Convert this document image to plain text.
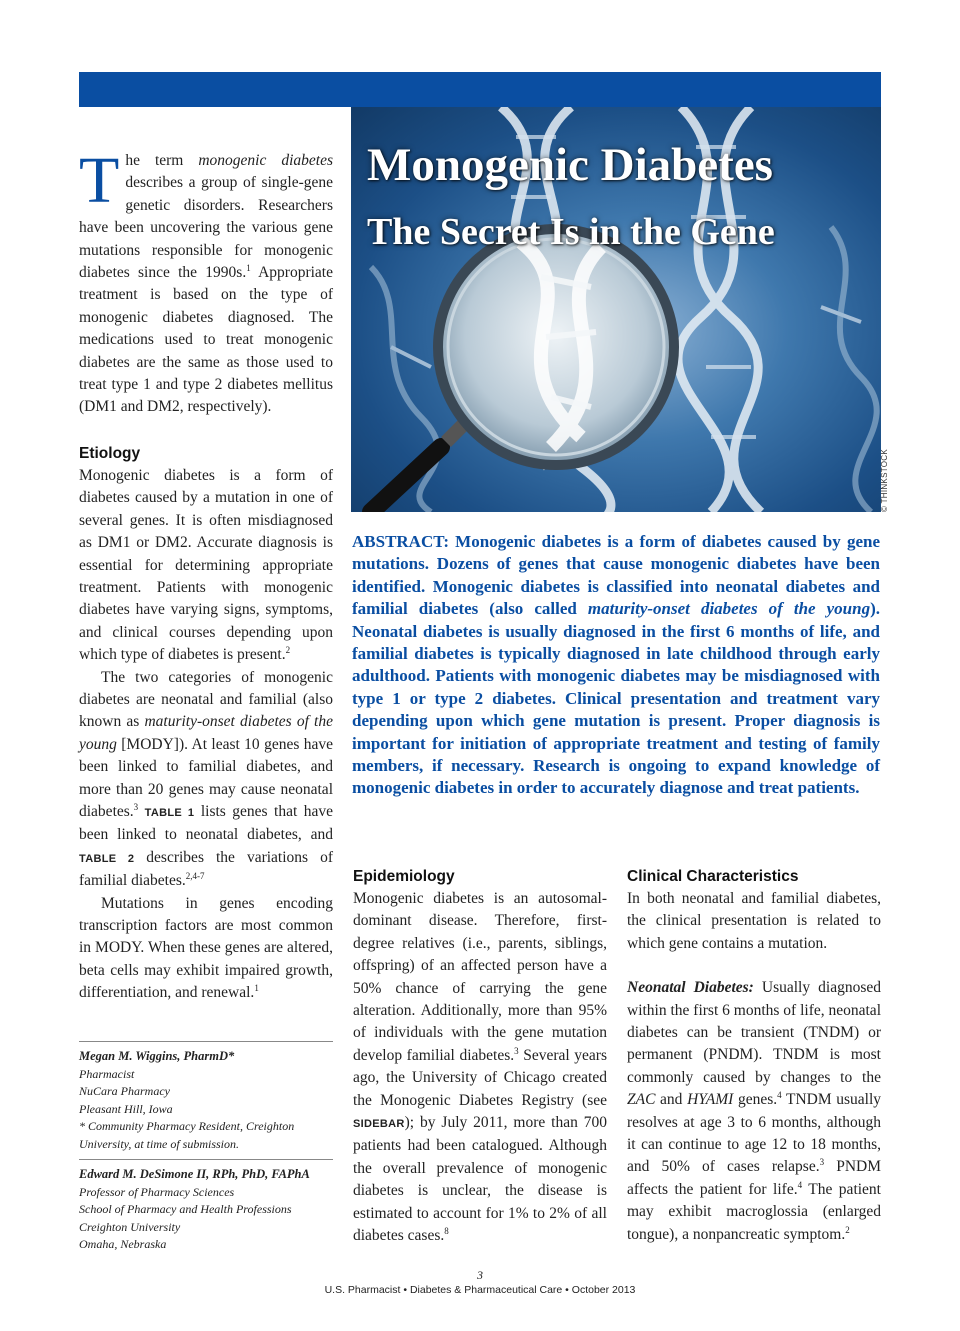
Monogenic Diabetes
The Secret Is in the Gene
© THINKSTOCK

The term monogenic diabetes describes a group of single-gene genetic disorders. Researchers have been uncovering the various gene mutations responsible for monogenic diabetes since the 1990s.$^1$ Appropriate treatment is based on the type of monogenic diabetes diagnosed. The medications used to treat monogenic diabetes are the same as those used to treat type 1 and type 2 diabetes mellitus (DM1 and DM2, respectively).

Etiology

Monogenic diabetes is a form of diabetes caused by a mutation in one of several genes. It is often misdiagnosed as DM1 or DM2. Accurate diagnosis is essential for determining appropriate treatment. Patients with monogenic diabetes have varying signs, symptoms, and clinical courses depending upon which type of diabetes is present.$^2$

The two categories of monogenic diabetes are neonatal and familial (also known as maturity-onset diabetes of the young [MODY]). At least 10 genes have been linked to familial diabetes, and more than 20 genes may cause neonatal diabetes.$^3$ TABLE 1 lists genes that have been linked to neonatal diabetes, and TABLE 2 describes the variations of familial diabetes.$^{2,4-7}$

Mutations in genes encoding transcription factors are most common in MODY. When these genes are altered, beta cells may exhibit impaired growth, differentiation, and renewal.$^1$

Megan M. Wiggins, PharmD*
Pharmacist
NuCara Pharmacy
Pleasant Hill, Iowa
* Community Pharmacy Resident, Creighton University, at time of submission.
Edward M. DeSimone II, RPh, PhD, FAPhA
Professor of Pharmacy Sciences
School of Pharmacy and Health Professions
Creighton University
Omaha, Nebraska
ABSTRACT: Monogenic diabetes is a form of diabetes caused by gene mutations. Dozens of genes that cause monogenic diabetes have been identified. Monogenic diabetes is classified into neonatal diabetes and familial diabetes (also called maturity-onset diabetes of the young). Neonatal diabetes is usually diagnosed in the first 6 months of life, and familial diabetes is typically diagnosed in late childhood through early adulthood. Patients with monogenic diabetes may be misdiagnosed with type 1 or type 2 diabetes. Clinical presentation and treatment vary depending upon which gene mutation is present. Proper diagnosis is important for initiation of appropriate treatment and testing of family members, if necessary. Research is ongoing to expand knowledge of monogenic diabetes in order to accurately diagnose and treat patients.

Epidemiology

Monogenic diabetes is an autosomal-dominant disease. Therefore, first-degree relatives (i.e., parents, siblings, offspring) of an affected person have a 50% chance of carrying the gene alteration. Additionally, more than 95% of individuals with the gene mutation develop familial diabetes.$^3$ Several years ago, the University of Chicago created the Monogenic Diabetes Registry (see SIDEBAR); by July 2011, more than 700 patients had been catalogued. Although the overall prevalence of monogenic diabetes is unclear, the disease is estimated to account for 1% to 2% of all diabetes cases.$^8$

Clinical Characteristics

In both neonatal and familial diabetes, the clinical presentation is related to which gene contains a mutation.

Neonatal Diabetes: Usually diagnosed within the first 6 months of life, neonatal diabetes can be transient (TNDM) or permanent (PNDM). TNDM is most commonly caused by changes to the ZAC and HYAMI genes.$^4$ TNDM usually resolves at age 3 to 6 months, although it can continue to age 12 to 18 months, and 50% of cases relapse.$^3$ PNDM affects the patient for life.$^4$ The patient may exhibit macroglossia (enlarged tongue), a nonpancreatic symptom.$^2$

3
U.S. Pharmacist • Diabetes & Pharmaceutical Care • October 2013
